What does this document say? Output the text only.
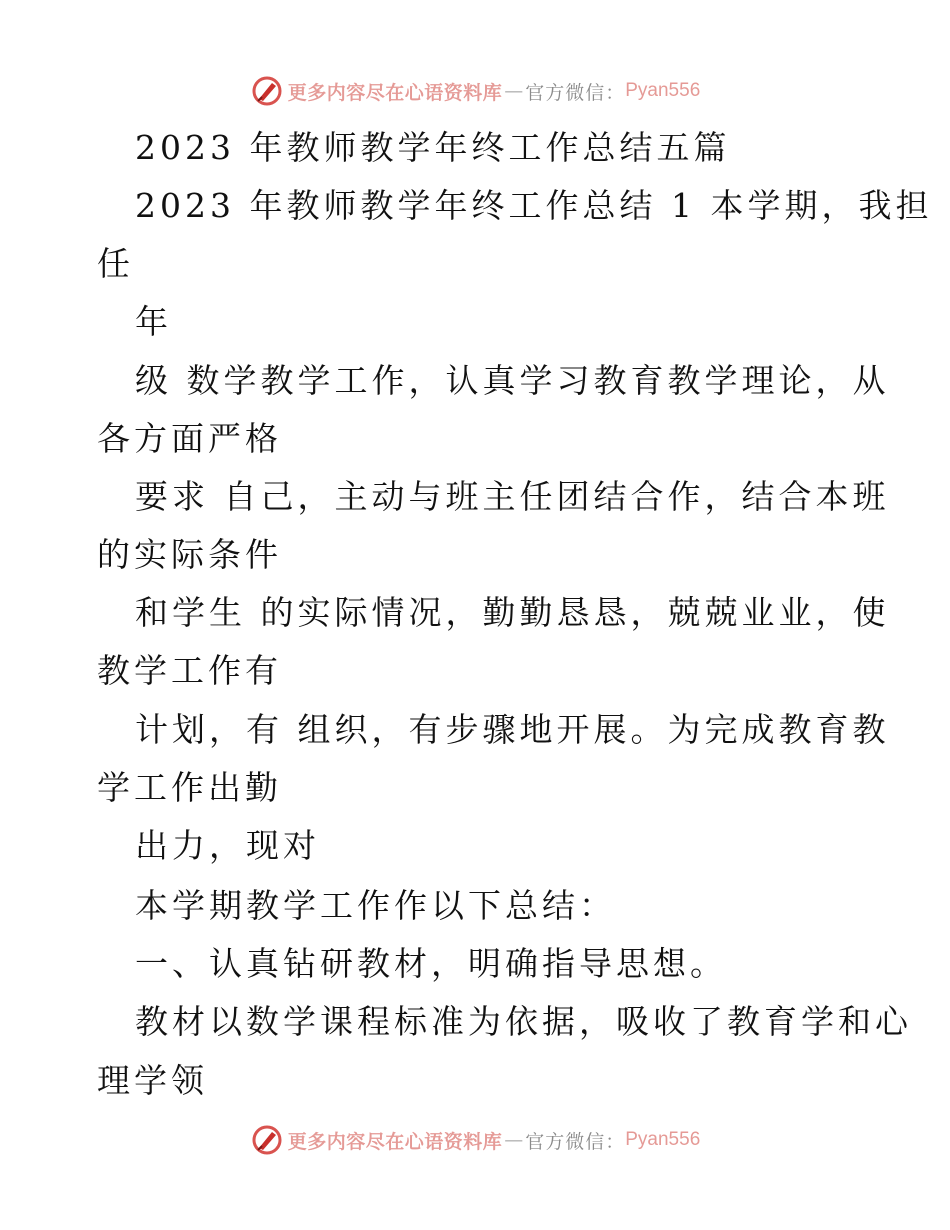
更多内容尽在心语资料库 — 官方微信： Pyan556
2023 年教师教学年终工作总结五篇
2023 年教师教学年终工作总结 1 本学期，我担
任
年
级 数学教学工作，认真学习教育教学理论，从
各方面严格
要求 自己，主动与班主任团结合作，结合本班
的实际条件
和学生 的实际情况，勤勤恳恳，兢兢业业，使
教学工作有
计划，有 组织，有步骤地开展。为完成教育教
学工作出勤
出力，现对
本学期教学工作作以下总结：
一、认真钻研教材，明确指导思想。
教材以数学课程标准为依据，吸收了教育学和心
理学领
更多内容尽在心语资料库 — 官方微信： Pyan556
